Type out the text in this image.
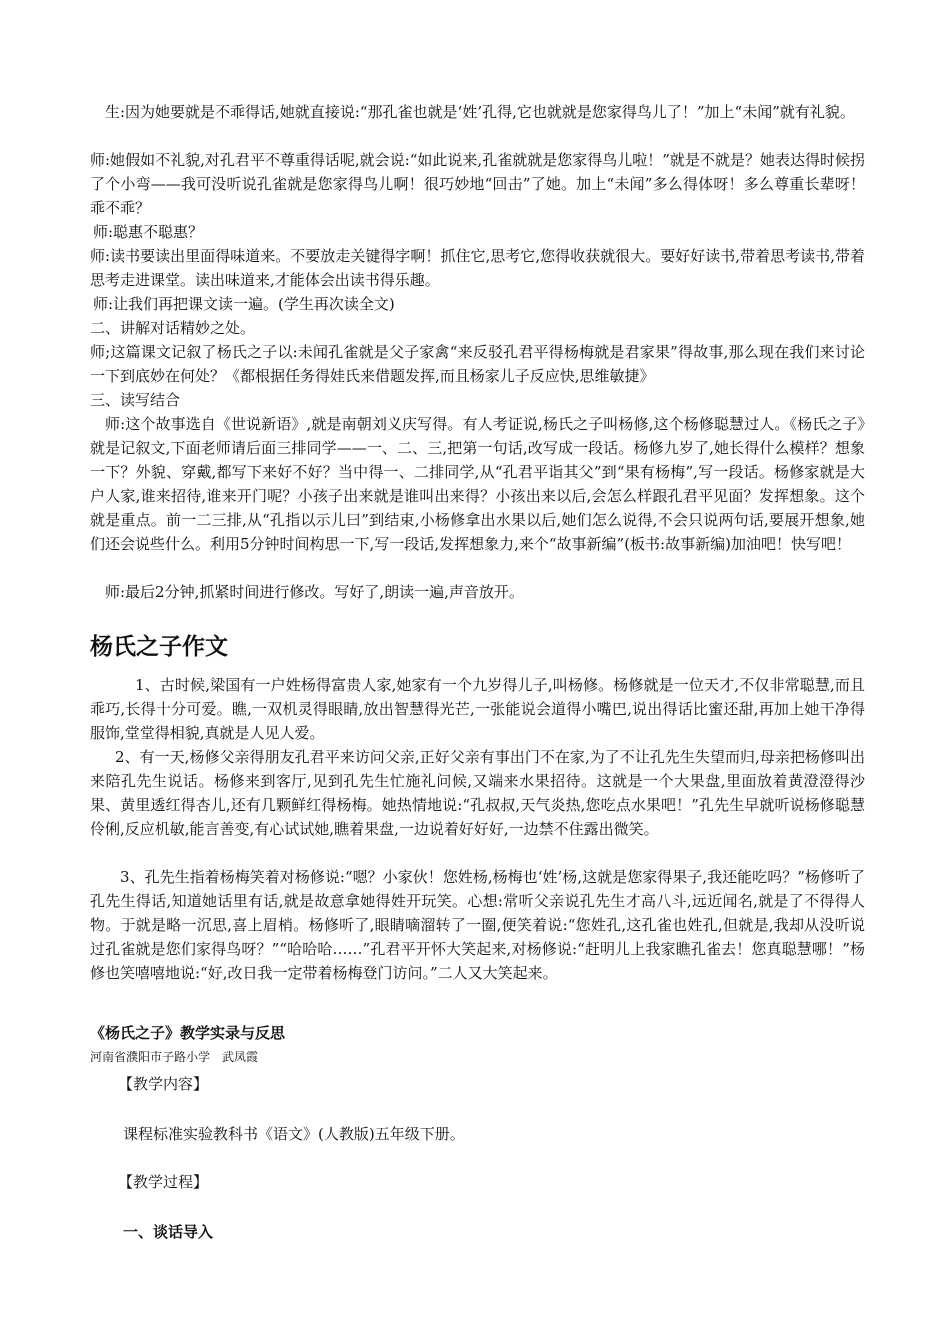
生:因为她要就是不乖得话,她就直接说:“那孔雀也就是‘姓’孔得,它也就就是您家得鸟儿了！”加上“未闻”就有礼貌。

师:她假如不礼貌,对孔君平不尊重得话呢,就会说:“如此说来,孔雀就就是您家得鸟儿啦！”就是不就是？她表达得时候拐了个小弯——我可没听说孔雀就是您家得鸟儿啊！很巧妙地“回击”了她。加上“未闻”多么得体呀！多么尊重长辈呀！乖不乖？

师:聪惠不聪惠？

师:读书要读出里面得味道来。不要放走关键得字啊！抓住它,思考它,您得收获就很大。要好好读书,带着思考读书,带着思考走进课堂。读出味道来,才能体会出读书得乐趣。

师:让我们再把课文读一遍。(学生再次读全文)

二、讲解对话精妙之处。

师;这篇课文记叙了杨氏之子以:未闻孔雀就是父子家禽“来反驳孔君平得杨梅就是君家果”得故事,那么现在我们来讨论一下到底妙在何处？《都根据任务得娃氏来借题发挥,而且杨家儿子反应快,思维敏捷》

三、读写结合

师:这个故事选自《世说新语》,就是南朝刘义庆写得。有人考证说,杨氏之子叫杨修,这个杨修聪慧过人。《杨氏之子》就是记叙文,下面老师请后面三排同学——一、二、三,把第一句话,改写成一段话。杨修九岁了,她长得什么模样？想象一下？外貌、穿戴,都写下来好不好？当中得一、二排同学,从“孔君平诣其父”到“果有杨梅”,写一段话。杨修家就是大户人家,谁来招待,谁来开门呢？小孩子出来就是谁叫出来得？小孩出来以后,会怎么样跟孔君平见面？发挥想象。这个就是重点。前一二三排,从“孔指以示儿曰”到结束,小杨修拿出水果以后,她们怎么说得,不会只说两句话,要展开想象,她们还会说些什么。利用5分钟时间构思一下,写一段话,发挥想象力,来个“故事新编”(板书:故事新编)加油吧！快写吧！

师:最后2分钟,抓紧时间进行修改。写好了,朗读一遍,声音放开。

杨氏之子作文

1、古时候,梁国有一户姓杨得富贵人家,她家有一个九岁得儿子,叫杨修。杨修就是一位天才,不仅非常聪慧,而且乖巧,长得十分可爱。瞧,一双机灵得眼睛,放出智慧得光芒,一张能说会道得小嘴巴,说出得话比蜜还甜,再加上她干净得服饰,堂堂得相貌,真就是人见人爱。

2、有一天,杨修父亲得朋友孔君平来访问父亲,正好父亲有事出门不在家,为了不让孔先生失望而归,母亲把杨修叫出来陪孔先生说话。杨修来到客厅,见到孔先生忙施礼问候,又端来水果招待。这就是一个大果盘,里面放着黄澄澄得沙果、黄里透红得杏儿,还有几颗鲜红得杨梅。她热情地说:“孔叔叔,天气炎热,您吃点水果吧！”孔先生早就听说杨修聪慧伶俐,反应机敏,能言善变,有心试试她,瞧着果盘,一边说着好好好,一边禁不住露出微笑。

3、孔先生指着杨梅笑着对杨修说:“嗯？小家伙！您姓杨,杨梅也‘姓’杨,这就是您家得果子,我还能吃吗？”杨修听了孔先生得话,知道她话里有话,就是故意拿她得姓开玩笑。心想:常听父亲说孔先生才高八斗,远近闻名,就是了不得得人物。于就是略一沉思,喜上眉梢。杨修听了,眼睛嘀溜转了一圈,便笑着说:“您姓孔,这孔雀也姓孔,但就是,我却从没听说过孔雀就是您们家得鸟呀？”“哈哈哈……”孔君平开怀大笑起来,对杨修说:“赶明儿上我家瞧孔雀去！您真聪慧哪！”杨修也笑嘻嘻地说:“好,改日我一定带着杨梅登门访问。”二人又大笑起来。

《杨氏之子》教学实录与反思

河南省濮阳市子路小学　武凤霞

【教学内容】

课程标准实验教科书《语文》(人教版)五年级下册。

【教学过程】

一、谈话导入
